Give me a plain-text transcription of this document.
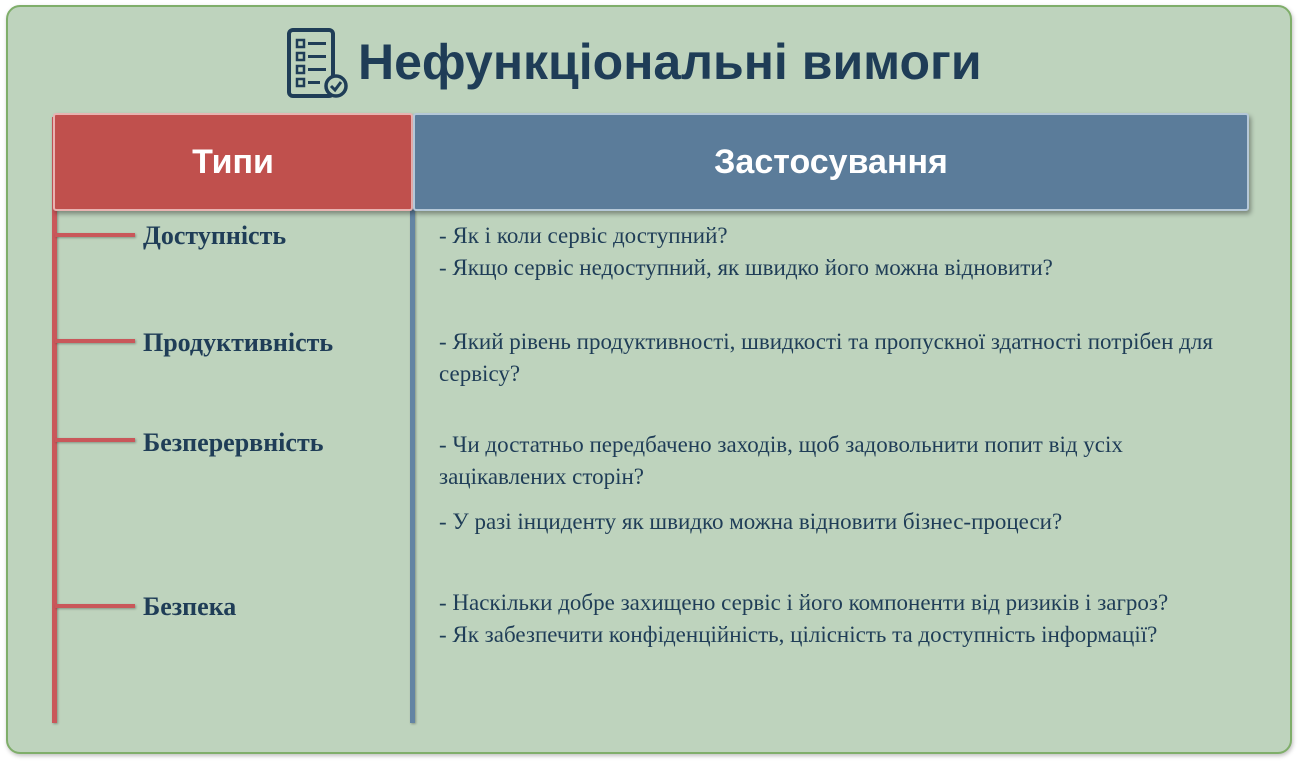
Нефункціональні вимоги
Типи	Застосування
Доступність	- Як і коли сервіс доступний?

- Якщо сервіс недоступний, як швидко його можна відновити?

Продуктивність	- Який рівень продуктивності, швидкості та пропускної здатності потрібен для сервісу?

Безперервність	- Чи достатньо передбачено заходів, щоб задовольнити попит від усіх зацікавлених сторін?

- У разі інциденту як швидко можна відновити бізнес-процеси?

Безпека	- Наскільки добре захищено сервіс і його компоненти від ризиків і загроз?

- Як забезпечити конфіденційність, цілісність та доступність інформації?
